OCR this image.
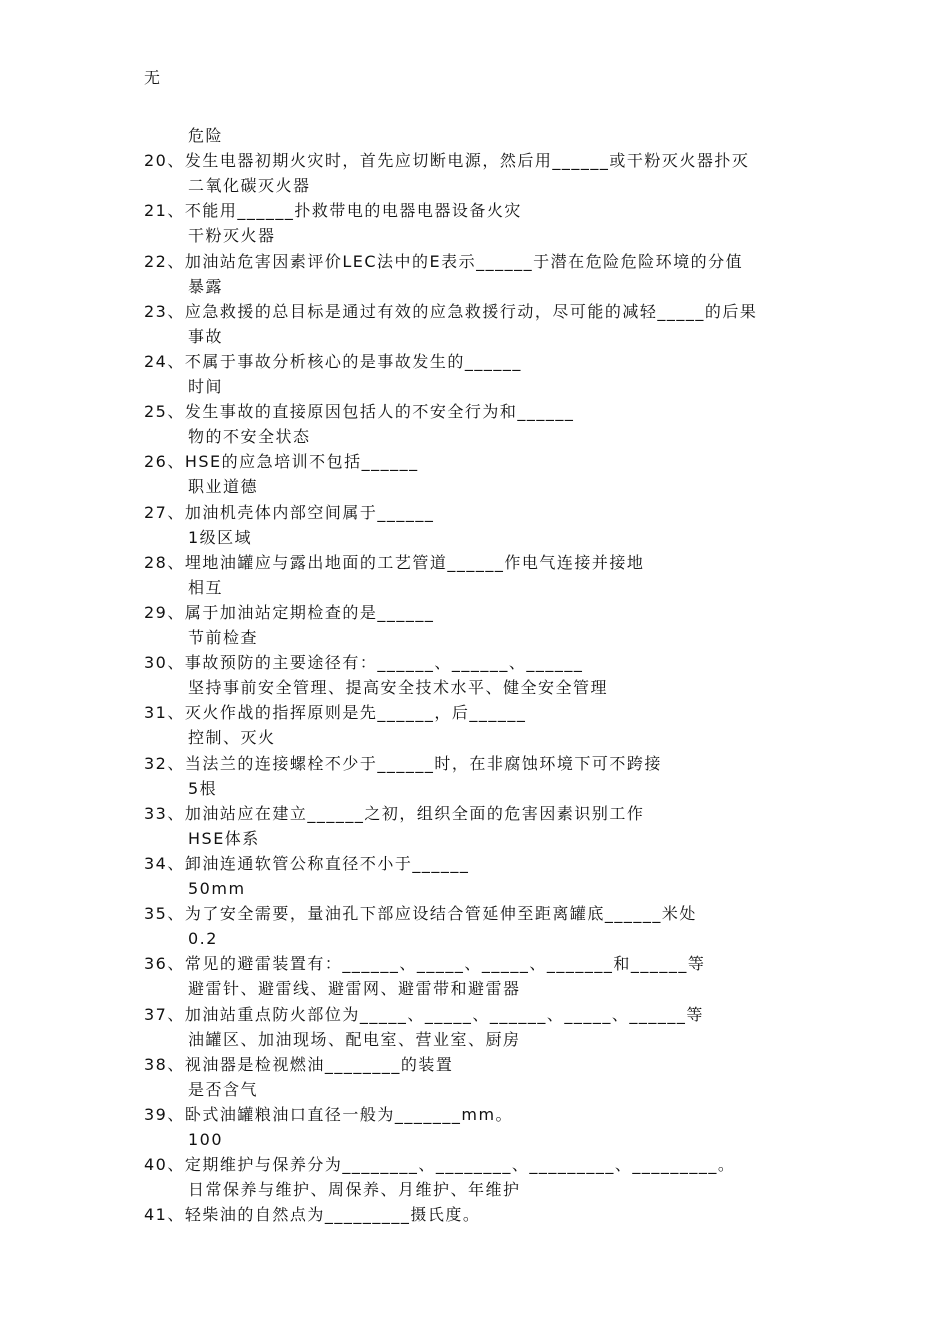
无
危险
20、发生电器初期火灾时，首先应切断电源，然后用______或干粉灭火器扑灭
二氧化碳灭火器
21、不能用______扑救带电的电器电器设备火灾
干粉灭火器
22、加油站危害因素评价LEC法中的E表示______于潜在危险危险环境的分值
暴露
23、应急救援的总目标是通过有效的应急救援行动，尽可能的减轻_____的后果
事故
24、不属于事故分析核心的是事故发生的______
时间
25、发生事故的直接原因包括人的不安全行为和______
物的不安全状态
26、HSE的应急培训不包括______
职业道德
27、加油机壳体内部空间属于______
1级区域
28、埋地油罐应与露出地面的工艺管道______作电气连接并接地
相互
29、属于加油站定期检查的是______
节前检查
30、事故预防的主要途径有：______、______、______
坚持事前安全管理、提高安全技术水平、健全安全管理
31、灭火作战的指挥原则是先______，后______
控制、灭火
32、当法兰的连接螺栓不少于______时，在非腐蚀环境下可不跨接
5根
33、加油站应在建立______之初，组织全面的危害因素识别工作
HSE体系
34、卸油连通软管公称直径不小于______
50mm
35、为了安全需要，量油孔下部应设结合管延伸至距离罐底______米处
0.2
36、常见的避雷装置有：______、_____、_____、_______和______等
避雷针、避雷线、避雷网、避雷带和避雷器
37、加油站重点防火部位为_____、_____、______、_____、______等
油罐区、加油现场、配电室、营业室、厨房
38、视油器是检视燃油________的装置
是否含气
39、卧式油罐粮油口直径一般为_______mm。
100
40、定期维护与保养分为________、________、_________、_________。
日常保养与维护、周保养、月维护、年维护
41、轻柴油的自然点为_________摄氏度。
